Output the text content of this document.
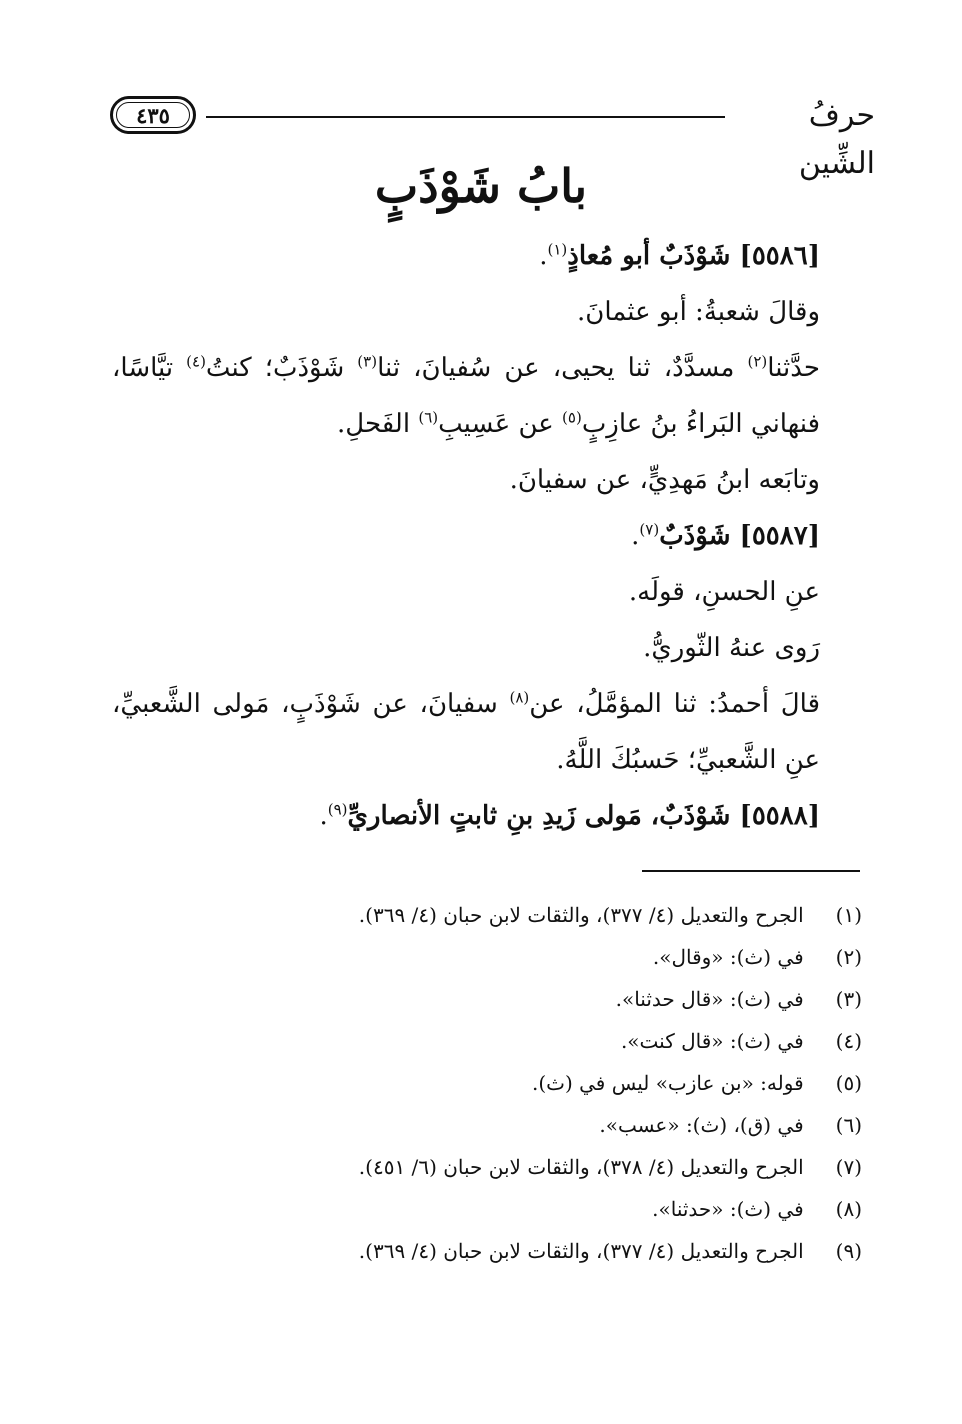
٤٣٥	حرفُ الشِّين
بابُ شَوْذَبٍ

[٥٥٨٦] شَوْذَبٌ أبو مُعاذٍ$^{(١)}$.

وقالَ شعبةُ: أبو عثمانَ.

حدَّثنا$^{(٢)}$ مسدَّدٌ، ثنا يحيى، عن سُفيانَ، ثنا$^{(٣)}$ شَوْذَبٌ؛ كنتُ$^{(٤)}$ تيَّاسًا، فنهاني البَراءُ بنُ عازِبٍ$^{(٥)}$ عن عَسِيبِ$^{(٦)}$ الفَحلِ.

وتابَعه ابنُ مَهدِيٍّ، عن سفيانَ.

[٥٥٨٧] شَوْذَبٌ$^{(٧)}$.

عنِ الحسنِ، قولَه.

رَوى عنهُ الثّوريُّ.

قالَ أحمدُ: ثنا المؤمَّلُ، عن$^{(٨)}$ سفيانَ، عن شَوْذَبٍ، مَولى الشَّعبيِّ، عنِ الشَّعبيِّ؛ حَسبُكَ اللَّهُ.

[٥٥٨٨] شَوْذَبٌ، مَولى زَيدِ بنِ ثابتٍ الأنصاريِّ$^{(٩)}$.

(١) الجرح والتعديل (٤/ ٣٧٧)، والثقات لابن حبان (٤/ ٣٦٩).
(٢) في (ث): «وقال».
(٣) في (ث): «قال حدثنا».
(٤) في (ث): «قال كنت».
(٥) قوله: «بن عازب» ليس في (ث).
(٦) في (ق)، (ث): «عسب».
(٧) الجرح والتعديل (٤/ ٣٧٨)، والثقات لابن حبان (٦/ ٤٥١).
(٨) في (ث): «حدثنا».
(٩) الجرح والتعديل (٤/ ٣٧٧)، والثقات لابن حبان (٤/ ٣٦٩).
